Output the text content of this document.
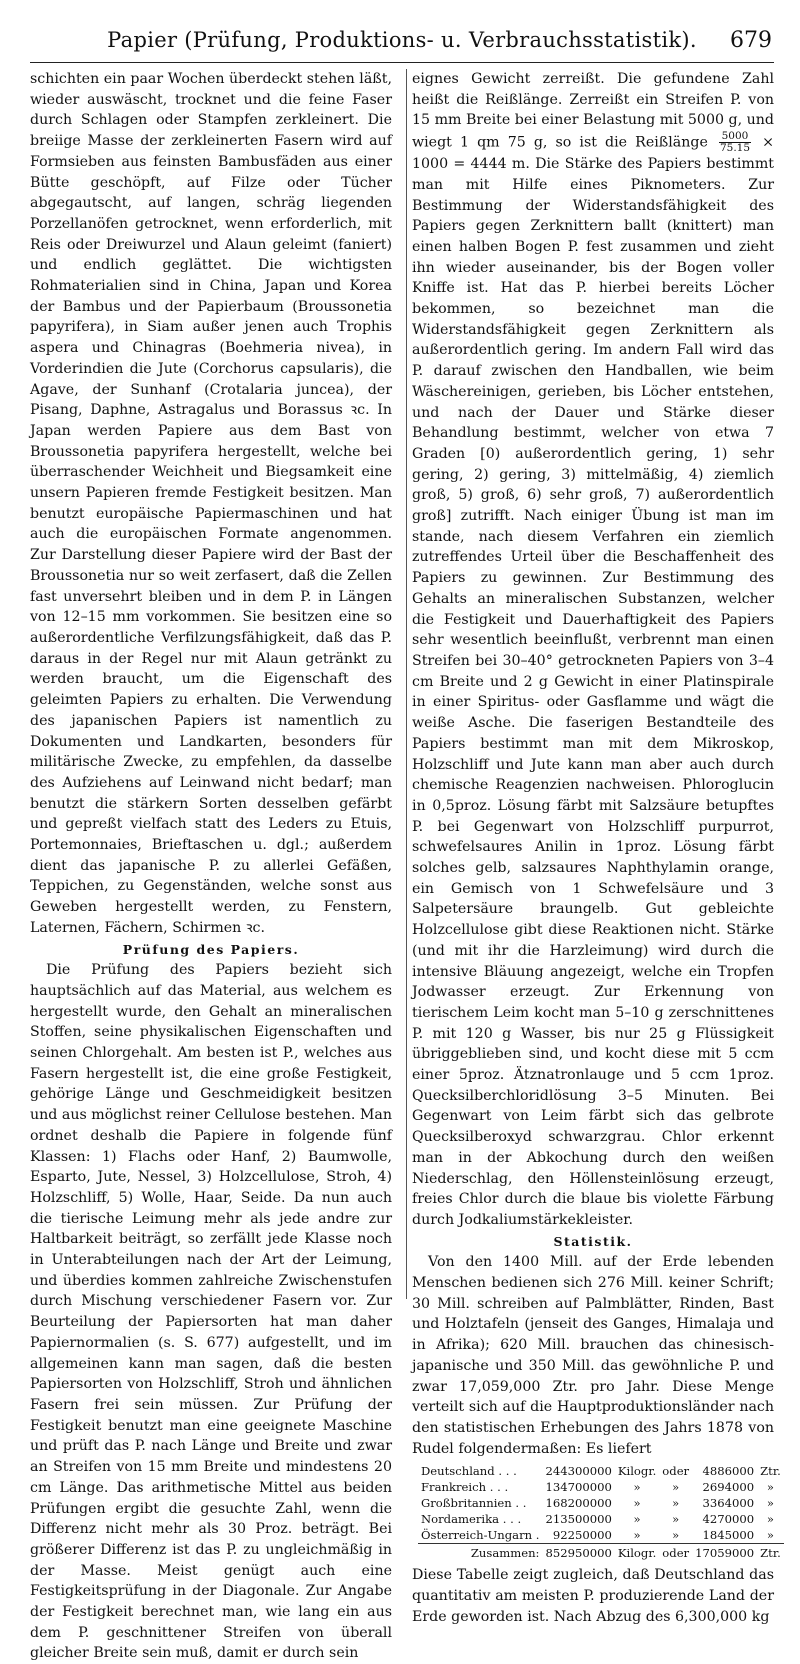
Papier (Prüfung, Produktions- u. Verbrauchsstatistik).	679

schichten ein paar Wochen überdeckt stehen läßt, wieder auswäscht, trocknet und die feine Faser durch Schlagen oder Stampfen zerkleinert. Die breiige Masse der zerkleinerten Fasern wird auf Formsieben aus feinsten Bambusfäden aus einer Bütte geschöpft, auf Filze oder Tücher abgegautscht, auf langen, schräg liegenden Porzellanöfen getrocknet, wenn erforderlich, mit Reis oder Dreiwurzel und Alaun geleimt (faniert) und endlich geglättet. Die wichtigsten Rohmaterialien sind in China, Japan und Korea der Bambus und der Papierbaum (Broussonetia papyrifera), in Siam außer jenen auch Trophis aspera und Chinagras (Boehmeria nivea), in Vorderindien die Jute (Corchorus capsularis), die Agave, der Sunhanf (Crotalaria juncea), der Pisang, Daphne, Astragalus und Borassus ꝛc. In Japan werden Papiere aus dem Bast von Broussonetia papyrifera hergestellt, welche bei überraschender Weichheit und Biegsamkeit eine unsern Papieren fremde Festigkeit besitzen. Man benutzt europäische Papiermaschinen und hat auch die europäischen Formate angenommen. Zur Darstellung dieser Papiere wird der Bast der Broussonetia nur so weit zerfasert, daß die Zellen fast unversehrt bleiben und in dem P. in Längen von 12–15 mm vorkommen. Sie besitzen eine so außerordentliche Verfilzungsfähigkeit, daß das P. daraus in der Regel nur mit Alaun getränkt zu werden braucht, um die Eigenschaft des geleimten Papiers zu erhalten. Die Verwendung des japanischen Papiers ist namentlich zu Dokumenten und Landkarten, besonders für militärische Zwecke, zu empfehlen, da dasselbe des Aufziehens auf Leinwand nicht bedarf; man benutzt die stärkern Sorten desselben gefärbt und gepreßt vielfach statt des Leders zu Etuis, Portemonnaies, Brieftaschen u. dgl.; außerdem dient das japanische P. zu allerlei Gefäßen, Teppichen, zu Gegenständen, welche sonst aus Geweben hergestellt werden, zu Fenstern, Laternen, Fächern, Schirmen ꝛc.

Prüfung des Papiers.

Die Prüfung des Papiers bezieht sich hauptsächlich auf das Material, aus welchem es hergestellt wurde, den Gehalt an mineralischen Stoffen, seine physikalischen Eigenschaften und seinen Chlorgehalt. Am besten ist P., welches aus Fasern hergestellt ist, die eine große Festigkeit, gehörige Länge und Geschmeidigkeit besitzen und aus möglichst reiner Cellulose bestehen. Man ordnet deshalb die Papiere in folgende fünf Klassen: 1) Flachs oder Hanf, 2) Baumwolle, Esparto, Jute, Nessel, 3) Holzcellulose, Stroh, 4) Holzschliff, 5) Wolle, Haar, Seide. Da nun auch die tierische Leimung mehr als jede andre zur Haltbarkeit beiträgt, so zerfällt jede Klasse noch in Unterabteilungen nach der Art der Leimung, und überdies kommen zahlreiche Zwischenstufen durch Mischung verschiedener Fasern vor. Zur Beurteilung der Papiersorten hat man daher Papiernormalien (s. S. 677) aufgestellt, und im allgemeinen kann man sagen, daß die besten Papiersorten von Holzschliff, Stroh und ähnlichen Fasern frei sein müssen. Zur Prüfung der Festigkeit benutzt man eine geeignete Maschine und prüft das P. nach Länge und Breite und zwar an Streifen von 15 mm Breite und mindestens 20 cm Länge. Das arithmetische Mittel aus beiden Prüfungen ergibt die gesuchte Zahl, wenn die Differenz nicht mehr als 30 Proz. beträgt. Bei größerer Differenz ist das P. zu ungleichmäßig in der Masse. Meist genügt auch eine Festigkeitsprüfung in der Diagonale. Zur Angabe der Festigkeit berechnet man, wie lang ein aus dem P. geschnittener Streifen von überall gleicher Breite sein muß, damit er durch sein

eignes Gewicht zerreißt. Die gefundene Zahl heißt die Reißlänge. Zerreißt ein Streifen P. von 15 mm Breite bei einer Belastung mit 5000 g, und wiegt 1 qm 75 g, so ist die Reißlänge $\frac{5000}{75.15} \times 1000 = 4444$ m. Die Stärke des Papiers bestimmt man mit Hilfe eines Piknometers. Zur Bestimmung der Widerstandsfähigkeit des Papiers gegen Zerknittern ballt (knittert) man einen halben Bogen P. fest zusammen und zieht ihn wieder auseinander, bis der Bogen voller Kniffe ist. Hat das P. hierbei bereits Löcher bekommen, so bezeichnet man die Widerstandsfähigkeit gegen Zerknittern als außerordentlich gering. Im andern Fall wird das P. darauf zwischen den Handballen, wie beim Wäschereinigen, gerieben, bis Löcher entstehen, und nach der Dauer und Stärke dieser Behandlung bestimmt, welcher von etwa 7 Graden [0) außerordentlich gering, 1) sehr gering, 2) gering, 3) mittelmäßig, 4) ziemlich groß, 5) groß, 6) sehr groß, 7) außerordentlich groß] zutrifft. Nach einiger Übung ist man im stande, nach diesem Verfahren ein ziemlich zutreffendes Urteil über die Beschaffenheit des Papiers zu gewinnen. Zur Bestimmung des Gehalts an mineralischen Substanzen, welcher die Festigkeit und Dauerhaftigkeit des Papiers sehr wesentlich beeinflußt, verbrennt man einen Streifen bei 30–40° getrockneten Papiers von 3–4 cm Breite und 2 g Gewicht in einer Platinspirale in einer Spiritus- oder Gasflamme und wägt die weiße Asche. Die faserigen Bestandteile des Papiers bestimmt man mit dem Mikroskop, Holzschliff und Jute kann man aber auch durch chemische Reagenzien nachweisen. Phloroglucin in 0,5proz. Lösung färbt mit Salzsäure betupftes P. bei Gegenwart von Holzschliff purpurrot, schwefelsaures Anilin in 1proz. Lösung färbt solches gelb, salzsaures Naphthylamin orange, ein Gemisch von 1 Schwefelsäure und 3 Salpetersäure braungelb. Gut gebleichte Holzcellulose gibt diese Reaktionen nicht. Stärke (und mit ihr die Harzleimung) wird durch die intensive Bläuung angezeigt, welche ein Tropfen Jodwasser erzeugt. Zur Erkennung von tierischem Leim kocht man 5–10 g zerschnittenes P. mit 120 g Wasser, bis nur 25 g Flüssigkeit übriggeblieben sind, und kocht diese mit 5 ccm einer 5proz. Ätznatronlauge und 5 ccm 1proz. Quecksilberchloridlösung 3–5 Minuten. Bei Gegenwart von Leim färbt sich das gelbrote Quecksilberoxyd schwarzgrau. Chlor erkennt man in der Abkochung durch den weißen Niederschlag, den Höllensteinlösung erzeugt, freies Chlor durch die blaue bis violette Färbung durch Jodkaliumstärkekleister.

Statistik.

Von den 1400 Mill. auf der Erde lebenden Menschen bedienen sich 276 Mill. keiner Schrift; 30 Mill. schreiben auf Palmblätter, Rinden, Bast und Holztafeln (jenseit des Ganges, Himalaja und in Afrika); 620 Mill. brauchen das chinesisch-japanische und 350 Mill. das gewöhnliche P. und zwar 17,059,000 Ztr. pro Jahr. Diese Menge verteilt sich auf die Hauptproduktionsländer nach den statistischen Erhebungen des Jahrs 1878 von Rudel folgendermaßen: Es liefert

Deutschland . . .	244300000	Kilogr.	oder	4886000	Ztr.
Frankreich . . .	134700000	»	»	2694000	»
Großbritannien . .	168200000	»	»	3364000	»
Nordamerika . . .	213500000	»	»	4270000	»
Österreich-Ungarn .	92250000	»	»	1845000	»
Zusammen:	852950000	Kilogr.	oder	17059000	Ztr.

Diese Tabelle zeigt zugleich, daß Deutschland das quantitativ am meisten P. produzierende Land der Erde geworden ist. Nach Abzug des 6,300,000 kg
